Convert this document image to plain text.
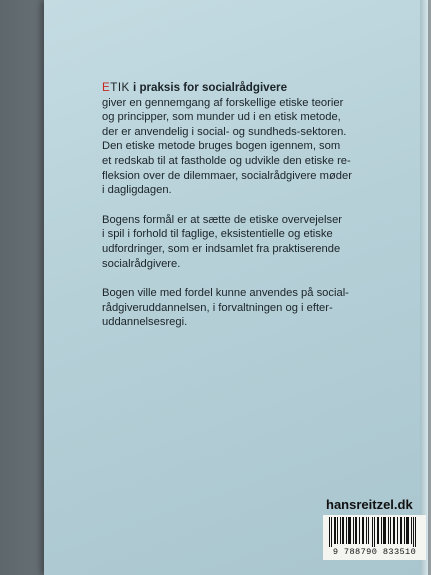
ETIK i praksis for socialrådgivere
giver en gennemgang af forskellige etiske teorier
og principper, som munder ud i en etisk metode,
der er anvendelig i social- og sundheds-sektoren.
Den etiske metode bruges bogen igennem, som
et redskab til at fastholde og udvikle den etiske re-
fleksion over de dilemmaer, socialrådgivere møder
i dagligdagen.
Bogens formål er at sætte de etiske overvejelser
i spil i forhold til faglige, eksistentielle og etiske
udfordringer, som er indsamlet fra praktiserende
socialrådgivere.
Bogen ville med fordel kunne anvendes på social-
rådgiveruddannelsen, i forvaltningen og i efter-
uddannelsesregi.
hansreitzel.dk
9 788790 833510
